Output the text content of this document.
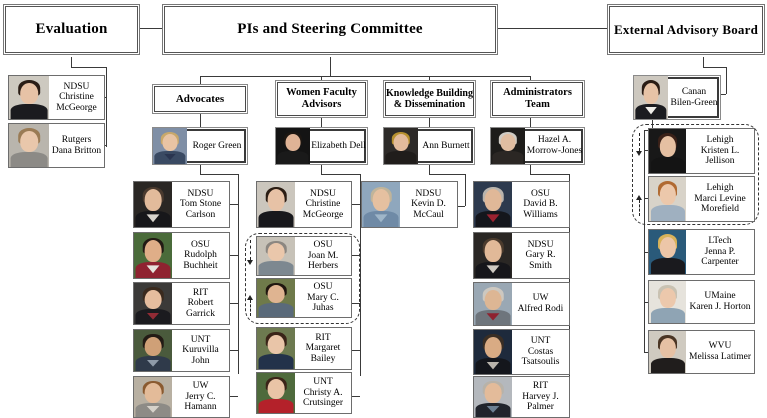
Evaluation	PIs and Steering Committee	External Advisory Board
Advocates
Women Faculty
Advisors
Knowledge Building
& Dissemination
Administrators
Team
NDSU
Christine
McGeorge
Rutgers
Dana Britton	Roger Green	Elizabeth Dell	Ann Burnett
Hazel A.
Morrow-Jones
Canan
Bilen-Green
NDSU
Tom Stone
Carlson
OSU
Rudolph
Buchheit
RIT
Robert Garrick
UNT
Kuruvilla John
UW
Jerry C.
Hamann
NDSU
Christine
McGeorge
OSU
Joan M. Herbers
OSU
Mary C. Juhas
RIT
Margaret Bailey
UNT
Christy A.
Crutsinger
NDSU
Kevin D.
McCaul
OSU
David B.
Williams
NDSU
Gary R. Smith
UW
Alfred Rodi
UNT
Costas
Tsatsoulis
RIT
Harvey J.
Palmer
Lehigh
Kristen L.
Jellison
Lehigh
Marci Levine
Morefield
LTech
Jenna P.
Carpenter
UMaine
Karen J. Horton
WVU
Melissa Latimer
